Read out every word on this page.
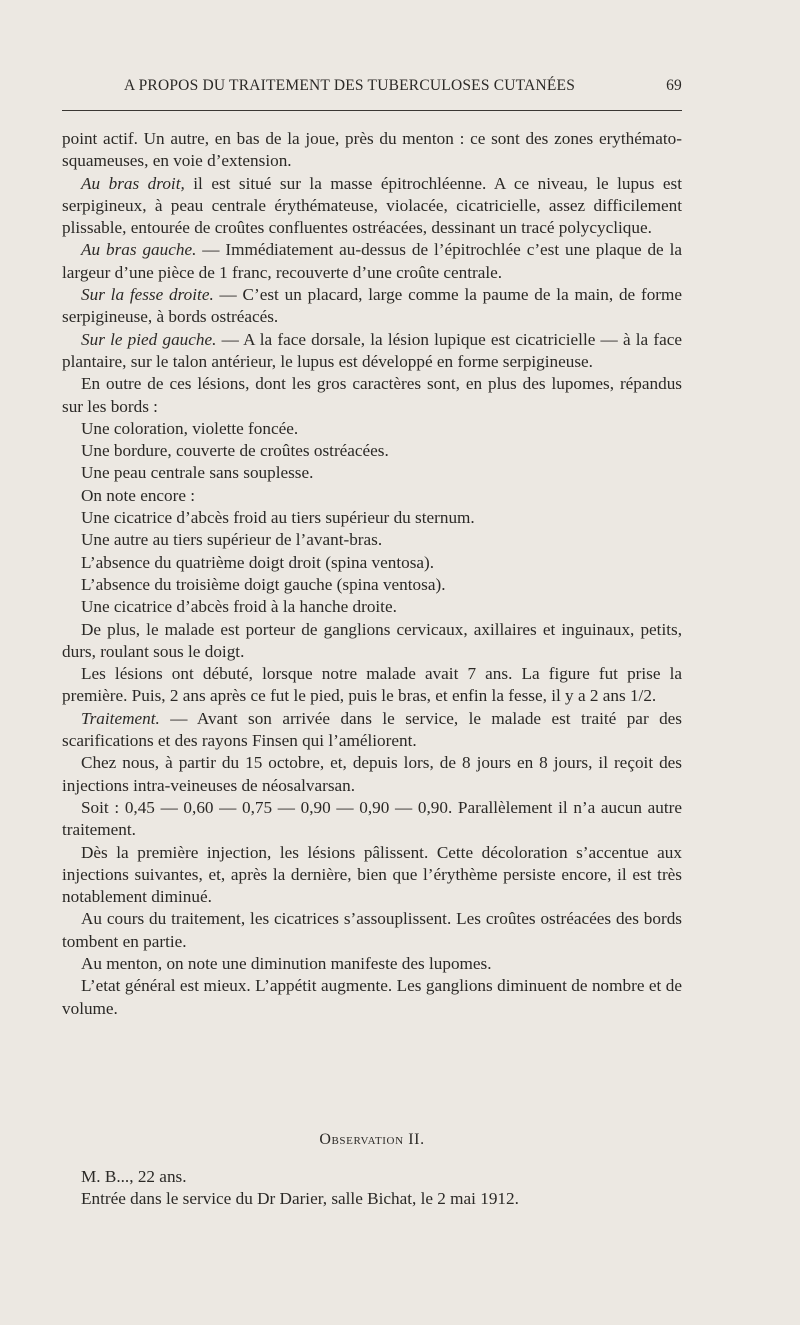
A PROPOS DU TRAITEMENT DES TUBERCULOSES CUTANÉES	69

point actif. Un autre, en bas de la joue, près du menton : ce sont des zones erythémato-squameuses, en voie d’extension.

Au bras droit, il est situé sur la masse épitrochléenne. A ce niveau, le lupus est serpigineux, à peau centrale érythémateuse, violacée, cicatricielle, assez difficilement plissable, entourée de croûtes confluentes ostréacées, dessinant un tracé polycyclique.

Au bras gauche. — Immédiatement au-dessus de l’épitrochlée c’est une plaque de la largeur d’une pièce de 1 franc, recouverte d’une croûte centrale.

Sur la fesse droite. — C’est un placard, large comme la paume de la main, de forme serpigineuse, à bords ostréacés.

Sur le pied gauche. — A la face dorsale, la lésion lupique est cicatricielle — à la face plantaire, sur le talon antérieur, le lupus est développé en forme serpigineuse.

En outre de ces lésions, dont les gros caractères sont, en plus des lupomes, répandus sur les bords :

Une coloration, violette foncée.

Une bordure, couverte de croûtes ostréacées.

Une peau centrale sans souplesse.

On note encore :

Une cicatrice d’abcès froid au tiers supérieur du sternum.

Une autre au tiers supérieur de l’avant-bras.

L’absence du quatrième doigt droit (spina ventosa).

L’absence du troisième doigt gauche (spina ventosa).

Une cicatrice d’abcès froid à la hanche droite.

De plus, le malade est porteur de ganglions cervicaux, axillaires et inguinaux, petits, durs, roulant sous le doigt.

Les lésions ont débuté, lorsque notre malade avait 7 ans. La figure fut prise la première. Puis, 2 ans après ce fut le pied, puis le bras, et enfin la fesse, il y a 2 ans 1/2.

Traitement. — Avant son arrivée dans le service, le malade est traité par des scarifications et des rayons Finsen qui l’améliorent.

Chez nous, à partir du 15 octobre, et, depuis lors, de 8 jours en 8 jours, il reçoit des injections intra-veineuses de néosalvarsan.

Soit : 0,45 — 0,60 — 0,75 — 0,90 — 0,90 — 0,90. Parallèlement il n’a aucun autre traitement.

Dès la première injection, les lésions pâlissent. Cette décoloration s’accentue aux injections suivantes, et, après la dernière, bien que l’érythème persiste encore, il est très notablement diminué.

Au cours du traitement, les cicatrices s’assouplissent. Les croûtes ostréacées des bords tombent en partie.

Au menton, on note une diminution manifeste des lupomes.

L’etat général est mieux. L’appétit augmente. Les ganglions diminuent de nombre et de volume.

Observation II.

M. B..., 22 ans.

Entrée dans le service du Dr Darier, salle Bichat, le 2 mai 1912.
